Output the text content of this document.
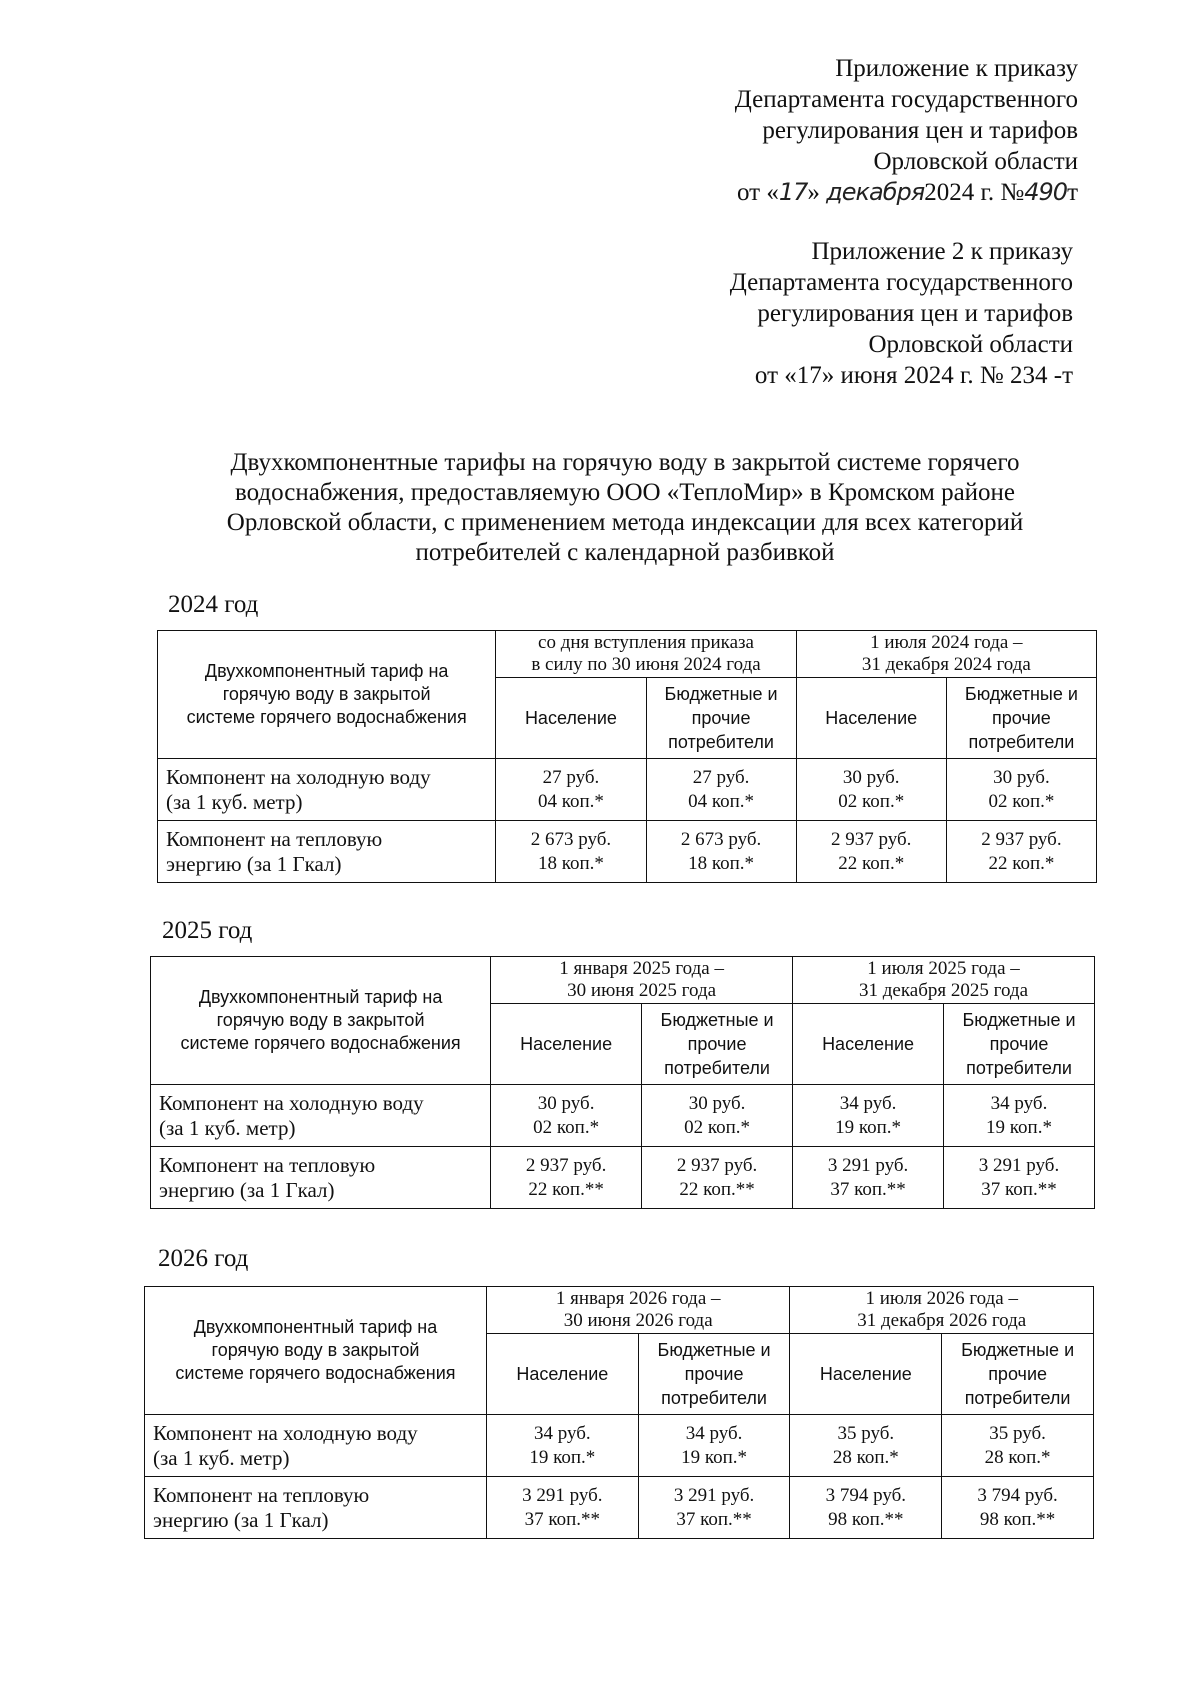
Приложение к приказу
Департамента государственного
регулирования цен и тарифов
Орловской области
от «17» декабря2024 г. №490т
Приложение 2 к приказу
Департамента государственного
регулирования цен и тарифов
Орловской области
от «17» июня 2024 г. № 234 -т
Двухкомпонентные тарифы на горячую воду в закрытой системе горячего
водоснабжения, предоставляемую ООО «ТеплоМир» в Кромском районе
Орловской области, с применением метода индексации для всех категорий
потребителей с календарной разбивкой
2024 год
Двухкомпонентный тариф на
горячую воду в закрытой
системе горячего водоснабжения	со дня вступления приказа
в силу по 30 июня 2024 года		1 июля 2024 года –
31 декабря 2024 года	

	Население	Бюджетные и
прочие
потребители	Население	Бюджетные и
прочие
потребители

Компонент на холодную воду
(за 1 куб. метр)	27 руб.
04 коп.*	27 руб.
04 коп.*	30 руб.
02 коп.*	30 руб.
02 коп.*

Компонент на тепловую
энергию (за 1 Гкал)	2 673 руб.
18 коп.*	2 673 руб.
18 коп.*	2 937 руб.
22 коп.*	2 937 руб.
22 коп.*
2025 год
Двухкомпонентный тариф на
горячую воду в закрытой
системе горячего водоснабжения	1 января 2025 года –
30 июня 2025 года		1 июля 2025 года –
31 декабря 2025 года	

	Население	Бюджетные и
прочие
потребители	Население	Бюджетные и
прочие
потребители

Компонент на холодную воду
(за 1 куб. метр)	30 руб.
02 коп.*	30 руб.
02 коп.*	34 руб.
19 коп.*	34 руб.
19 коп.*

Компонент на тепловую
энергию (за 1 Гкал)	2 937 руб.
22 коп.**	2 937 руб.
22 коп.**	3 291 руб.
37 коп.**	3 291 руб.
37 коп.**
2026 год
Двухкомпонентный тариф на
горячую воду в закрытой
системе горячего водоснабжения	1 января 2026 года –
30 июня 2026 года		1 июля 2026 года –
31 декабря 2026 года	

	Население	Бюджетные и
прочие
потребители	Население	Бюджетные и
прочие
потребители

Компонент на холодную воду
(за 1 куб. метр)	34 руб.
19 коп.*	34 руб.
19 коп.*	35 руб.
28 коп.*	35 руб.
28 коп.*

Компонент на тепловую
энергию (за 1 Гкал)	3 291 руб.
37 коп.**	3 291 руб.
37 коп.**	3 794 руб.
98 коп.**	3 794 руб.
98 коп.**
